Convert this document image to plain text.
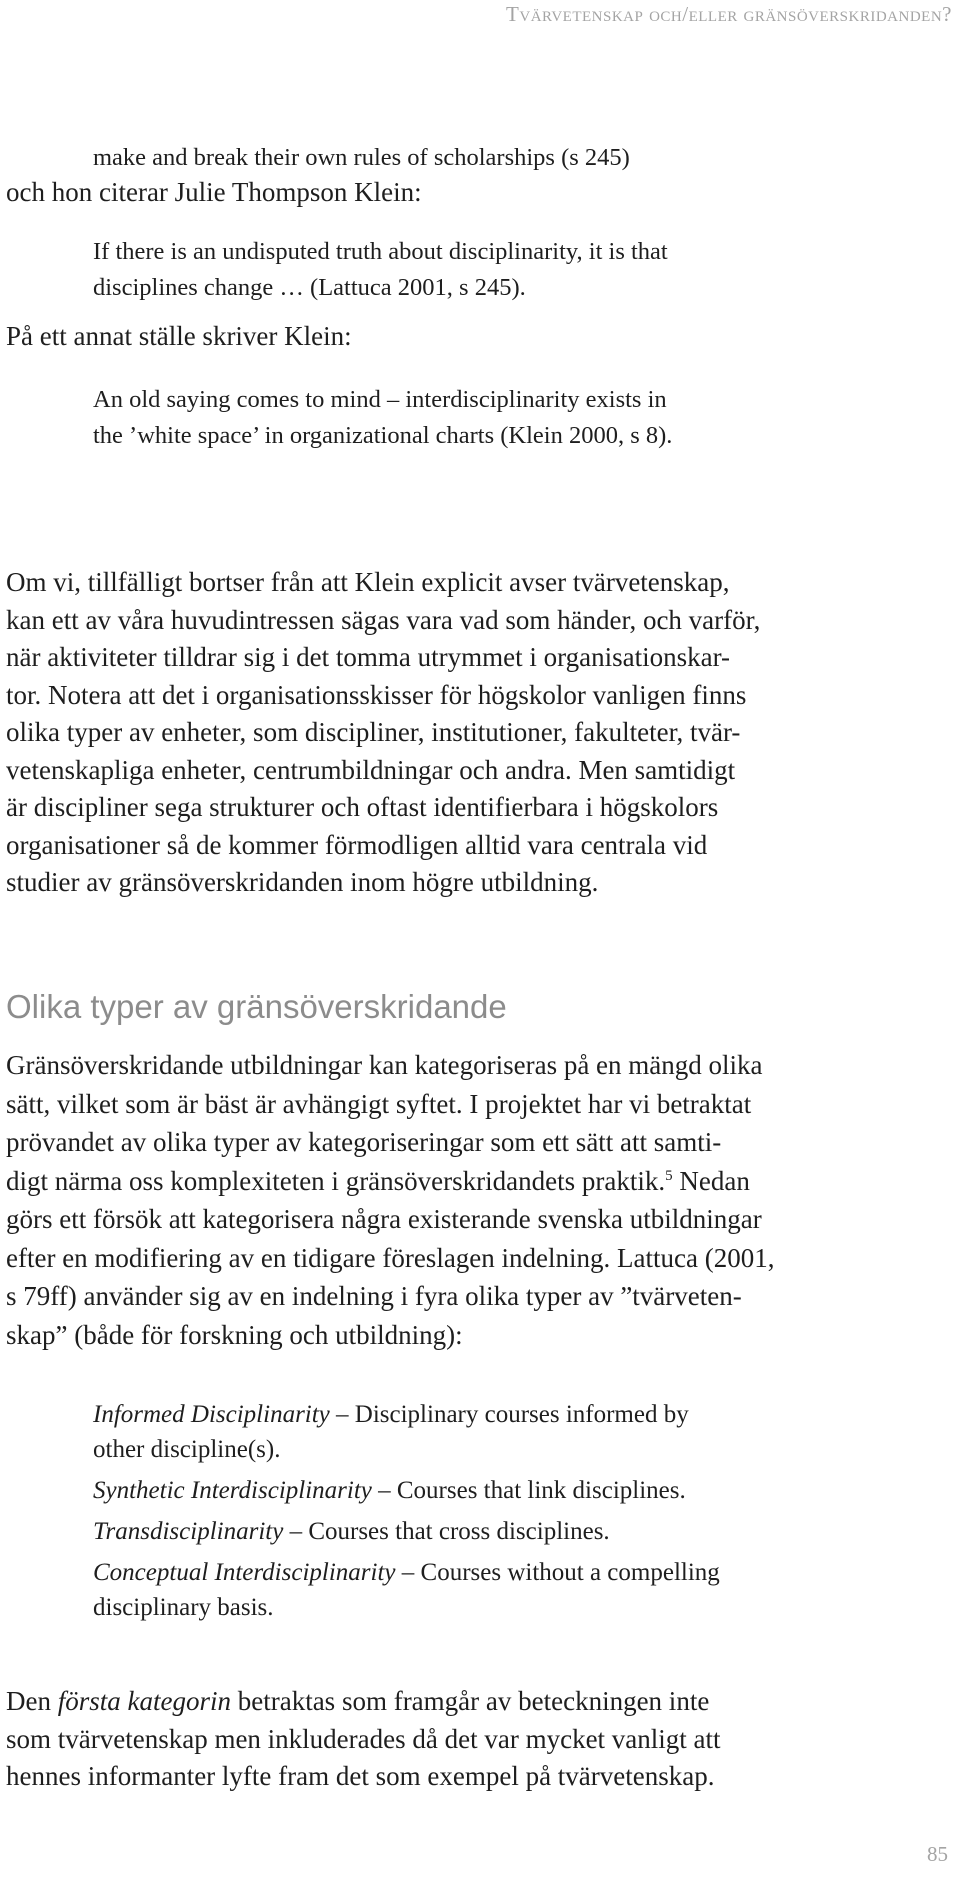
Tvärvetenskap och/eller gränsöverskridanden?

make and break their own rules of scholarships (s 245)

och hon citerar Julie Thompson Klein:

If there is an undisputed truth about disciplinarity, it is that
disciplines change … (Lattuca 2001, s 245).

På ett annat ställe skriver Klein:

An old saying comes to mind – interdisciplinarity exists in
the ’white space’ in organizational charts (Klein 2000, s 8).

Om vi, tillfälligt bortser från att Klein explicit avser tvärvetenskap,
kan ett av våra huvudintressen sägas vara vad som händer, och varför,
när aktiviteter tilldrar sig i det tomma utrymmet i organisationskar-
tor. Notera att det i organisationsskisser för högskolor vanligen finns
olika typer av enheter, som discipliner, institutioner, fakulteter, tvär-
vetenskapliga enheter, centrumbildningar och andra. Men samtidigt
är discipliner sega strukturer och oftast identifierbara i högskolors
organisationer så de kommer förmodligen alltid vara centrala vid
studier av gränsöverskridanden inom högre utbildning.

Olika typer av gränsöverskridande

Gränsöverskridande utbildningar kan kategoriseras på en mängd olika
sätt, vilket som är bäst är avhängigt syftet. I projektet har vi betraktat
prövandet av olika typer av kategoriseringar som ett sätt att samti-
digt närma oss komplexiteten i gränsöverskridandets praktik.$^5$ Nedan
görs ett försök att kategorisera några existerande svenska utbildningar
efter en modifiering av en tidigare föreslagen indelning. Lattuca (2001,
s 79ff) använder sig av en indelning i fyra olika typer av ”tvärveten-
skap” (både för forskning och utbildning):

Informed Disciplinarity – Disciplinary courses informed by
other discipline(s).
Synthetic Interdisciplinarity – Courses that link disciplines.
Transdisciplinarity – Courses that cross disciplines.
Conceptual Interdisciplinarity – Courses without a compelling
disciplinary basis.

Den första kategorin betraktas som framgår av beteckningen inte
som tvärvetenskap men inkluderades då det var mycket vanligt att
hennes informanter lyfte fram det som exempel på tvärvetenskap.

85
